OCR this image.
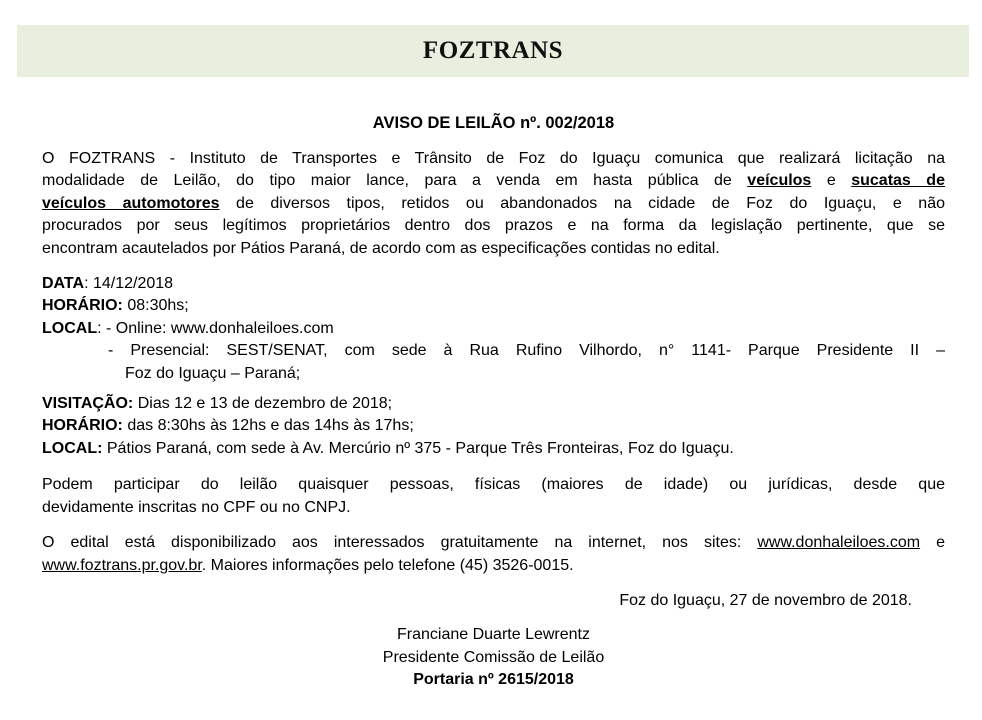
FOZTRANS
AVISO DE LEILÃO nº. 002/2018
O FOZTRANS - Instituto de Transportes e Trânsito de Foz do Iguaçu comunica que realizará licitação na
modalidade de Leilão, do tipo maior lance, para a venda em hasta pública de veículos e sucatas de
veículos automotores de diversos tipos, retidos ou abandonados na cidade de Foz do Iguaçu, e não
procurados por seus legítimos proprietários dentro dos prazos e na forma da legislação pertinente, que se
encontram acautelados por Pátios Paraná, de acordo com as especificações contidas no edital.
DATA: 14/12/2018
HORÁRIO: 08:30hs;
LOCAL: - Online: www.donhaleiloes.com
- Presencial: SEST/SENAT, com sede à Rua Rufino Vilhordo, n° 1141- Parque Presidente II –
Foz do Iguaçu – Paraná;
VISITAÇÃO: Dias 12 e 13 de dezembro de 2018;
HORÁRIO: das 8:30hs às 12hs e das 14hs às 17hs;
LOCAL: Pátios Paraná, com sede à Av. Mercúrio nº 375 - Parque Três Fronteiras, Foz do Iguaçu.
Podem participar do leilão quaisquer pessoas, físicas (maiores de idade) ou jurídicas, desde que
devidamente inscritas no CPF ou no CNPJ.
O edital está disponibilizado aos interessados gratuitamente na internet, nos sites: www.donhaleiloes.com e
www.foztrans.pr.gov.br. Maiores informações pelo telefone (45) 3526-0015.
Foz do Iguaçu, 27 de novembro de 2018.
Franciane Duarte Lewrentz
Presidente Comissão de Leilão
Portaria nº 2615/2018
